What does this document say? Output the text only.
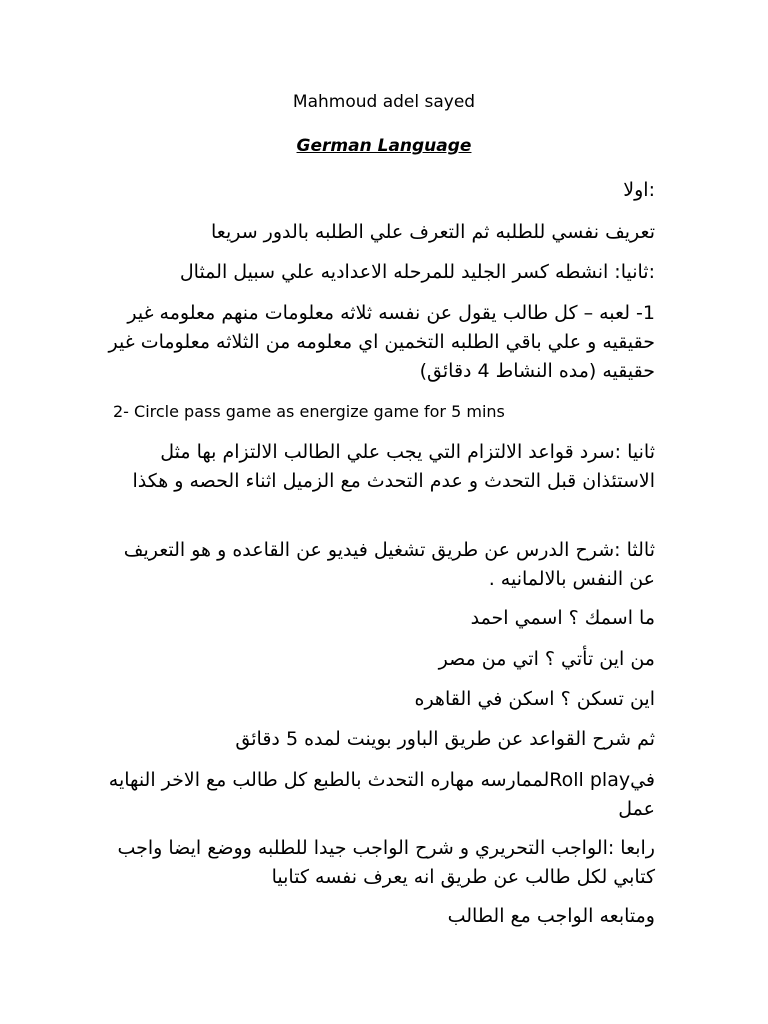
Mahmoud adel sayed
German Language
:اولا
تعريف نفسي للطلبه ثم التعرف علي الطلبه بالدور سريعا
:ثانيا: انشطه كسر الجليد للمرحله الاعداديه علي سبيل المثال
1- لعبه – كل طالب يقول عن نفسه ثلاثه معلومات منهم معلومه غير حقيقيه و علي باقي الطلبه التخمين اي معلومه من الثلاثه معلومات غير حقيقيه (مده النشاط 4 دقائق)
2- Circle pass game as energize game for 5 mins
ثانيا :سرد قواعد الالتزام التي يجب علي الطالب الالتزام بها مثل الاستئذان قبل التحدث و عدم التحدث مع الزميل اثناء الحصه و هكذا
ثالثا :شرح الدرس عن طريق تشغيل فيديو عن القاعده و هو التعريف عن النفس بالالمانيه .
ما اسمك ؟ اسمي احمد
من اين تأتي ؟ اتي من مصر
اين تسكن ؟ اسكن في القاهره
ثم شرح القواعد عن طريق الباور بوينت لمده 5 دقائق
فيRoll playلممارسه مهاره التحدث بالطبع كل طالب مع الاخر النهايه عمل
رابعا :الواجب التحريري و شرح الواجب جيدا للطلبه ووضع ايضا واجب كتابي لكل طالب عن طريق انه يعرف نفسه كتابيا
ومتابعه الواجب مع الطالب
